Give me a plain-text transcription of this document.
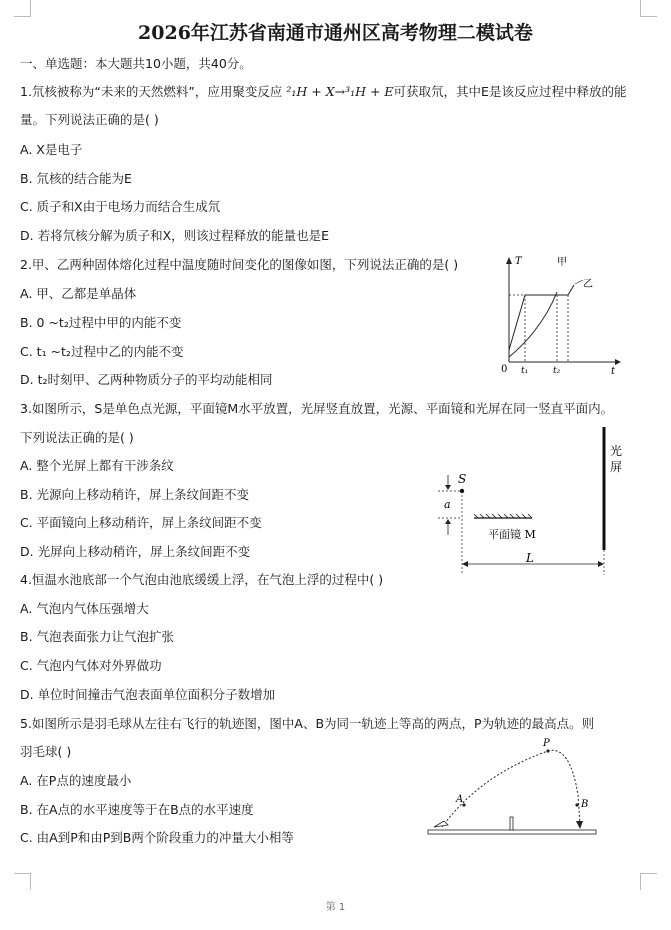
2026年江苏省南通市通州区高考物理二模试卷
一、单选题：本大题共10小题，共40分。
1.氘核被称为“未来的天然燃料”，应用聚变反应 ²₁H + X→³₁H + E可获取氘，其中E是该反应过程中释放的能
量。下列说法正确的是( )
A. X是电子
B. 氘核的结合能为E
C. 质子和X由于电场力而结合生成氘
D. 若将氘核分解为质子和X，则该过程释放的能量也是E
2.甲、乙两种固体熔化过程中温度随时间变化的图像如图，下列说法正确的是( )
A. 甲、乙都是单晶体
B. 0 ~t₂过程中甲的内能不变
C. t₁ ~t₂过程中乙的内能不变
D. t₂时刻甲、乙两种物质分子的平均动能相同
T
t
0 t₁	t₂
甲
乙
3.如图所示，S是单色点光源，平面镜M水平放置，光屏竖直放置，光源、平面镜和光屏在同一竖直平面内。
下列说法正确的是( )
A. 整个光屏上都有干涉条纹
B. 光源向上移动稍许，屏上条纹间距不变
C. 平面镜向上移动稍许，屏上条纹间距不变
D. 光屏向上移动稍许，屏上条纹间距不变
光
屏
S
a
平面镜 M
L
4.恒温水池底部一个气泡由池底缓缓上浮，在气泡上浮的过程中( )
A. 气泡内气体压强增大
B. 气泡表面张力让气泡扩张
C. 气泡内气体对外界做功
D. 单位时间撞击气泡表面单位面积分子数增加
5.如图所示是羽毛球从左往右飞行的轨迹图，图中A、B为同一轨迹上等高的两点，P为轨迹的最高点。则
羽毛球( )
A. 在P点的速度最小
B. 在A点的水平速度等于在B点的水平速度
C. 由A到P和由P到B两个阶段重力的冲量大小相等
A
P
B
第 1
